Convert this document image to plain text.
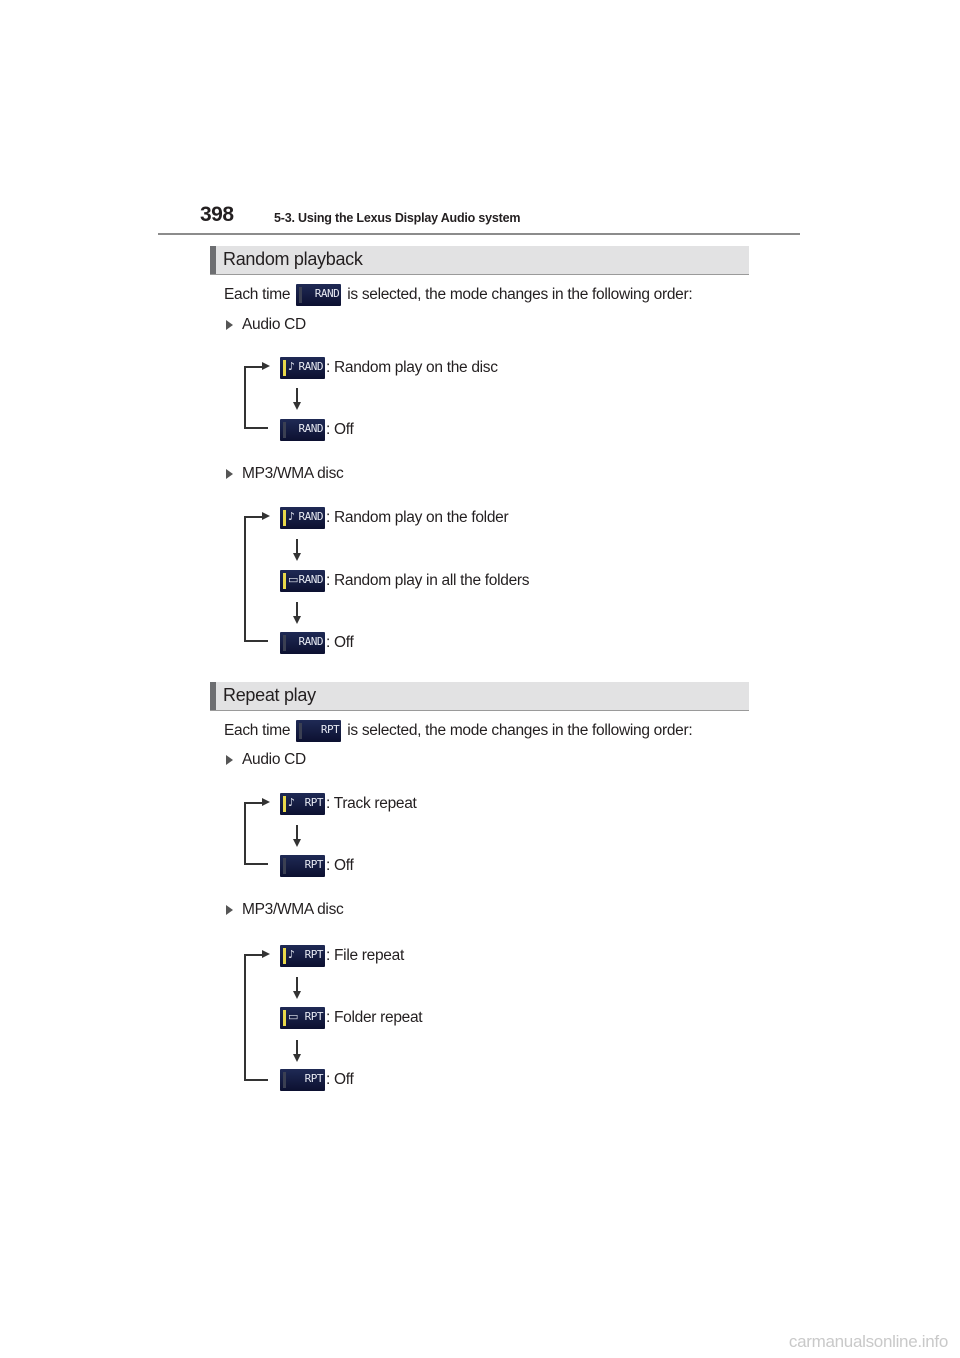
398	5-3. Using the Lexus Display Audio system
Random playback
Each time RAND is selected, the mode changes in the following order:
Audio CD
♪ RAND : Random play on the disc
RAND : Off
MP3/WMA disc
♪ RAND : Random play on the folder
▭ RAND : Random play in all the folders
RAND : Off
Repeat play
Each time	RPT is selected, the mode changes in the following order:
Audio CD
♪ RPT : Track repeat
RPT : Off
MP3/WMA disc
♪ RPT : File repeat
▭ RPT : Folder repeat
RPT : Off
carmanualsonline.info
